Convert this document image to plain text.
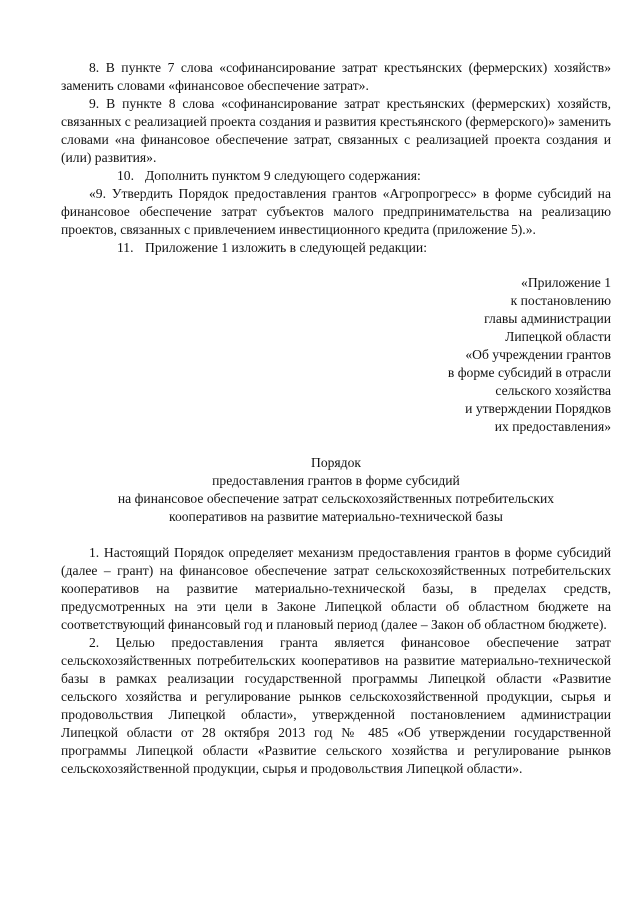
8. В пункте 7 слова «софинансирование затрат крестьянских (фермерских) хозяйств» заменить словами «финансовое обеспечение затрат».

9. В пункте 8 слова «софинансирование затрат крестьянских (фермерских) хозяйств, связанных с реализацией проекта создания и развития крестьянского (фермерского)» заменить словами «на финансовое обеспечение затрат, связанных с реализацией проекта создания и (или) развития».

10. Дополнить пунктом 9 следующего содержания:

«9. Утвердить Порядок предоставления грантов «Агропрогресс» в форме субсидий на финансовое обеспечение затрат субъектов малого предпринимательства на реализацию проектов, связанных с привлечением инвестиционного кредита (приложение 5).».

11. Приложение 1 изложить в следующей редакции:

«Приложение 1
к постановлению
главы администрации
Липецкой области
«Об учреждении грантов
в форме субсидий в отрасли
сельского хозяйства
и утверждении Порядков
их предоставления»
Порядок
предоставления грантов в форме субсидий
на финансовое обеспечение затрат сельскохозяйственных потребительских
кооперативов на развитие материально-технической базы

1. Настоящий Порядок определяет механизм предоставления грантов в форме субсидий (далее – грант) на финансовое обеспечение затрат сельскохозяйственных потребительских кооперативов на развитие материально-технической базы, в пределах средств, предусмотренных на эти цели в Законе Липецкой области об областном бюджете на соответствующий финансовый год и плановый период (далее – Закон об областном бюджете).

2. Целью предоставления гранта является финансовое обеспечение затрат сельскохозяйственных потребительских кооперативов на развитие материально-технической базы в рамках реализации государственной программы Липецкой области «Развитие сельского хозяйства и регулирование рынков сельскохозяйственной продукции, сырья и продовольствия Липецкой области», утвержденной постановлением администрации Липецкой области от 28 октября 2013 год № 485 «Об утверждении государственной программы Липецкой области «Развитие сельского хозяйства и регулирование рынков сельскохозяйственной продукции, сырья и продовольствия Липецкой области».
